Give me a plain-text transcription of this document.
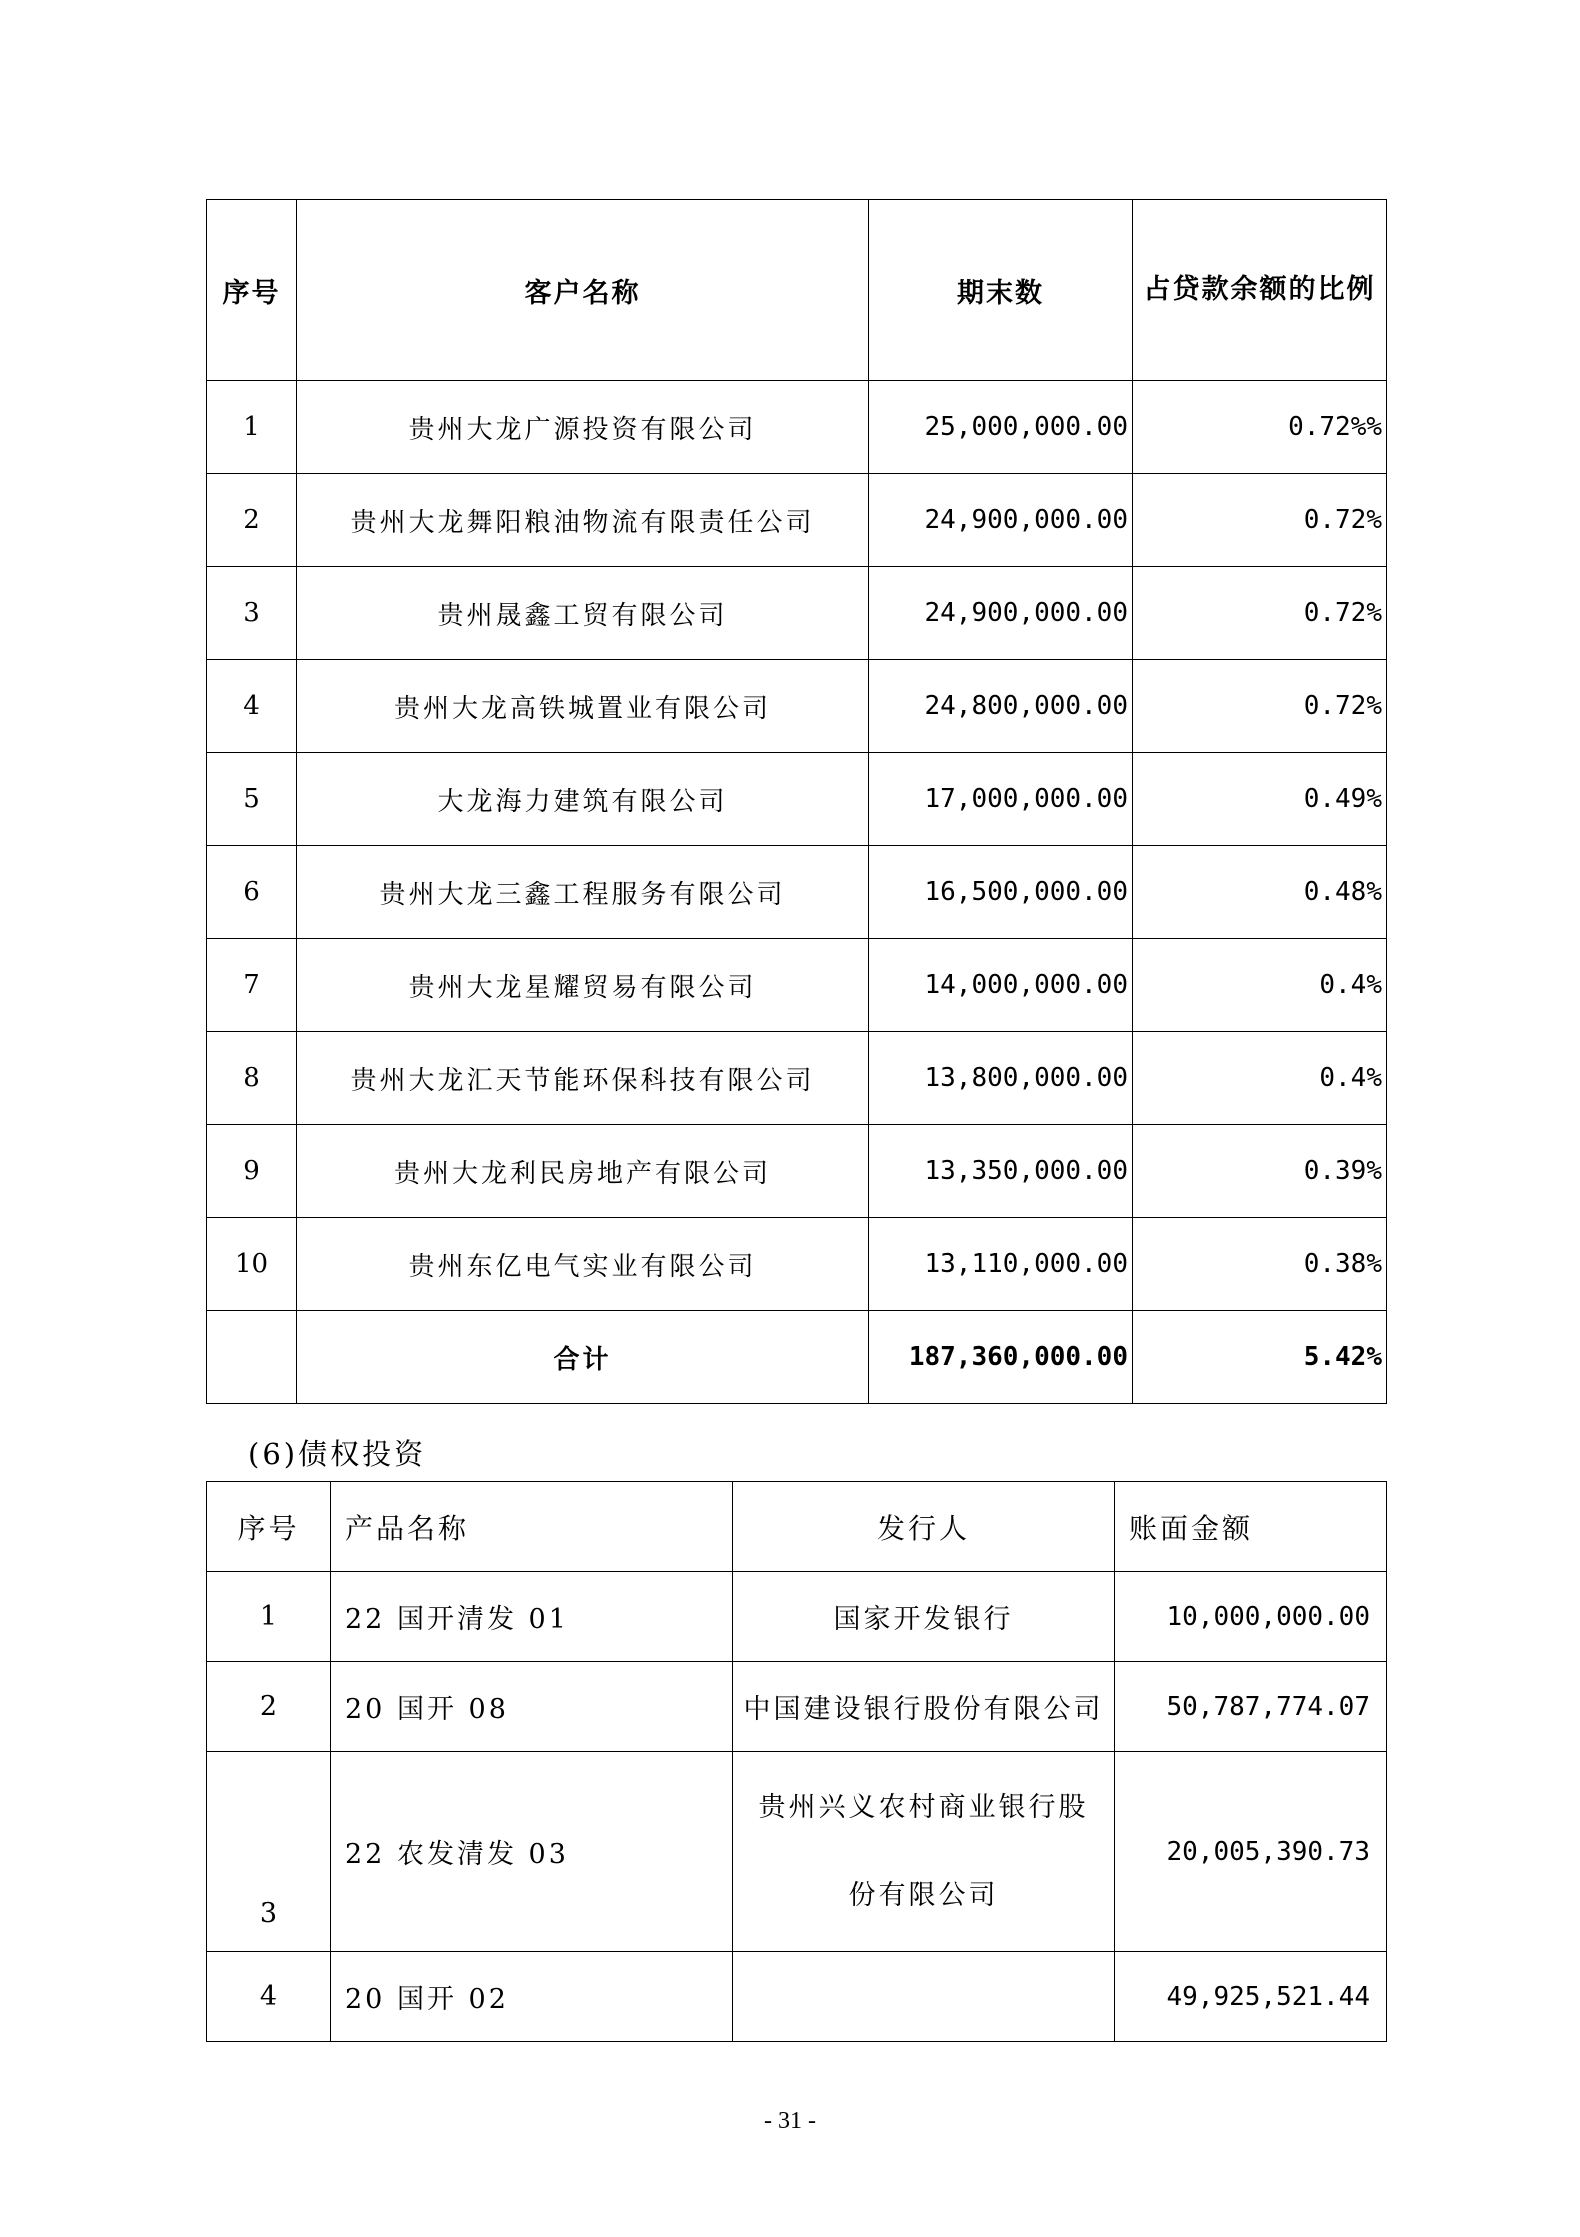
序号	客户名称	期末数	占贷款余额的比例
1	贵州大龙广源投资有限公司	25,000,000.00	0.72%%
2	贵州大龙舞阳粮油物流有限责任公司	24,900,000.00	0.72%
3	贵州晟鑫工贸有限公司	24,900,000.00	0.72%
4	贵州大龙高铁城置业有限公司	24,800,000.00	0.72%
5	大龙海力建筑有限公司	17,000,000.00	0.49%
6	贵州大龙三鑫工程服务有限公司	16,500,000.00	0.48%
7	贵州大龙星耀贸易有限公司	14,000,000.00	0.4%
8	贵州大龙汇天节能环保科技有限公司	13,800,000.00	0.4%
9	贵州大龙利民房地产有限公司	13,350,000.00	0.39%
10	贵州东亿电气实业有限公司	13,110,000.00	0.38%
	合计	187,360,000.00	5.42%
(6)债权投资
序号	产品名称	发行人	账面金额
1	22 国开清发 01	国家开发银行	10,000,000.00
2	20 国开 08	中国建设银行股份有限公司	50,787,774.07
3	22 农发清发 03	贵州兴义农村商业银行股份有限公司	20,005,390.73
4	20 国开 02		49,925,521.44
- 31 -
